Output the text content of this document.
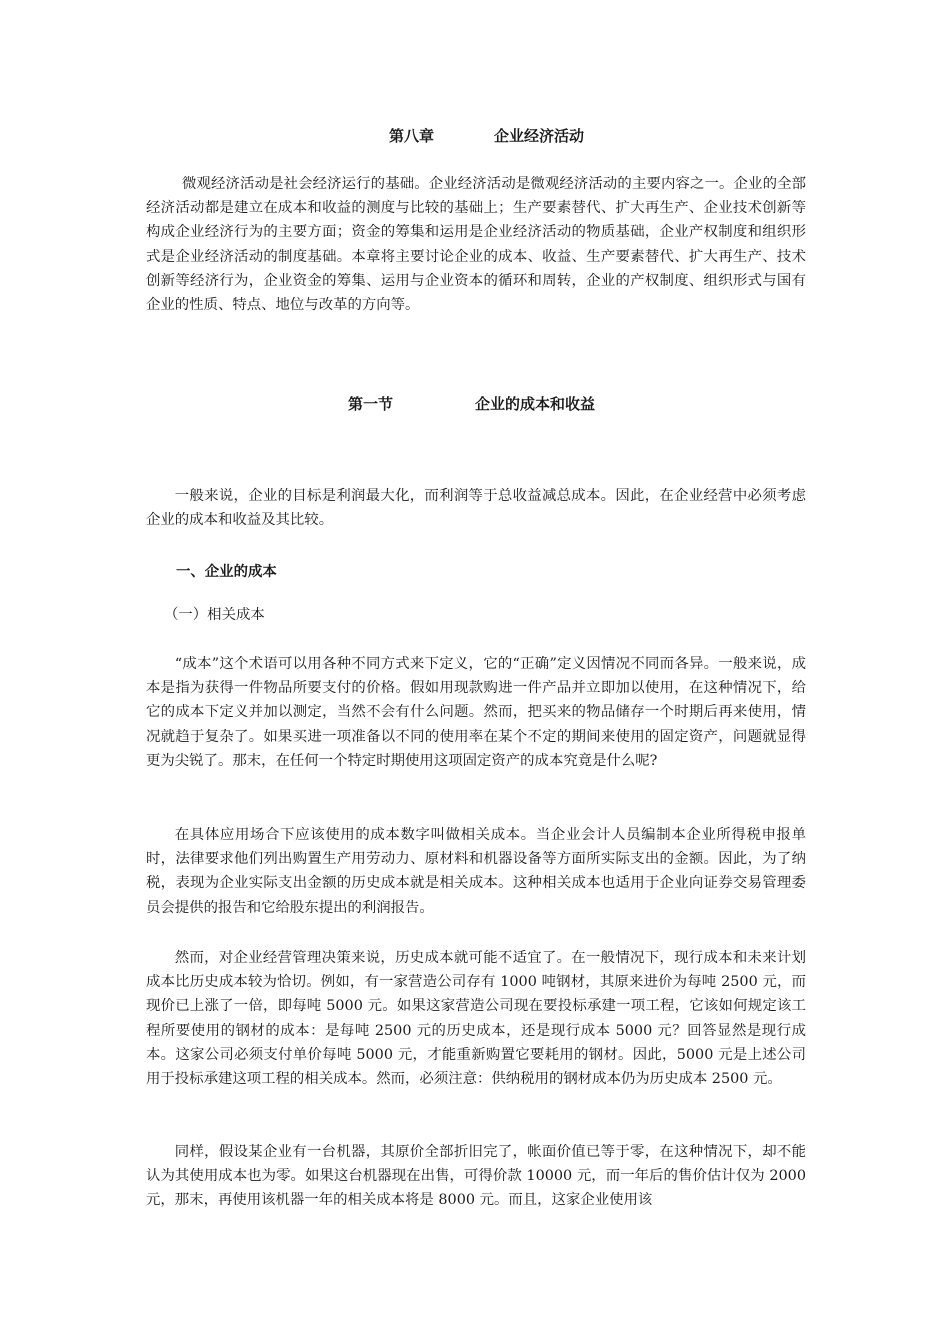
第八章	企业经济活动

微观经济活动是社会经济运行的基础。企业经济活动是微观经济活动的主要内容之一。企业的全部经济活动都是建立在成本和收益的测度与比较的基础上；生产要素替代、扩大再生产、企业技术创新等构成企业经济行为的主要方面；资金的筹集和运用是企业经济活动的物质基础，企业产权制度和组织形式是企业经济活动的制度基础。本章将主要讨论企业的成本、收益、生产要素替代、扩大再生产、技术创新等经济行为，企业资金的筹集、运用与企业资本的循环和周转，企业的产权制度、组织形式与国有企业的性质、特点、地位与改革的方向等。

第一节	企业的成本和收益

一般来说，企业的目标是利润最大化，而利润等于总收益减总成本。因此，在企业经营中必须考虑企业的成本和收益及其比较。

一、企业的成本
（一）相关成本

“成本”这个术语可以用各种不同方式来下定义，它的“正确”定义因情况不同而各异。一般来说，成本是指为获得一件物品所要支付的价格。假如用现款购进一件产品并立即加以使用，在这种情况下，给它的成本下定义并加以测定，当然不会有什么问题。然而，把买来的物品储存一个时期后再来使用，情况就趋于复杂了。如果买进一项准备以不同的使用率在某个不定的期间来使用的固定资产，问题就显得更为尖锐了。那末，在任何一个特定时期使用这项固定资产的成本究竟是什么呢?

在具体应用场合下应该使用的成本数字叫做相关成本。当企业会计人员编制本企业所得税申报单时，法律要求他们列出购置生产用劳动力、原材料和机器设备等方面所实际支出的金额。因此，为了纳税，表现为企业实际支出金额的历史成本就是相关成本。这种相关成本也适用于企业向证券交易管理委员会提供的报告和它给股东提出的利润报告。

然而，对企业经营管理决策来说，历史成本就可能不适宜了。在一般情况下，现行成本和未来计划成本比历史成本较为恰切。例如，有一家营造公司存有 1000 吨钢材，其原来进价为每吨 2500 元，而现价已上涨了一倍，即每吨 5000 元。如果这家营造公司现在要投标承建一项工程，它该如何规定该工程所要使用的钢材的成本：是每吨 2500 元的历史成本，还是现行成本 5000 元？回答显然是现行成本。这家公司必须支付单价每吨 5000 元，才能重新购置它要耗用的钢材。因此，5000 元是上述公司用于投标承建这项工程的相关成本。然而，必须注意：供纳税用的钢材成本仍为历史成本 2500 元。

同样，假设某企业有一台机器，其原价全部折旧完了，帐面价值已等于零，在这种情况下，却不能认为其使用成本也为零。如果这台机器现在出售，可得价款 10000 元，而一年后的售价估计仅为 2000 元，那末，再使用该机器一年的相关成本将是 8000 元。而且，这家企业使用该
